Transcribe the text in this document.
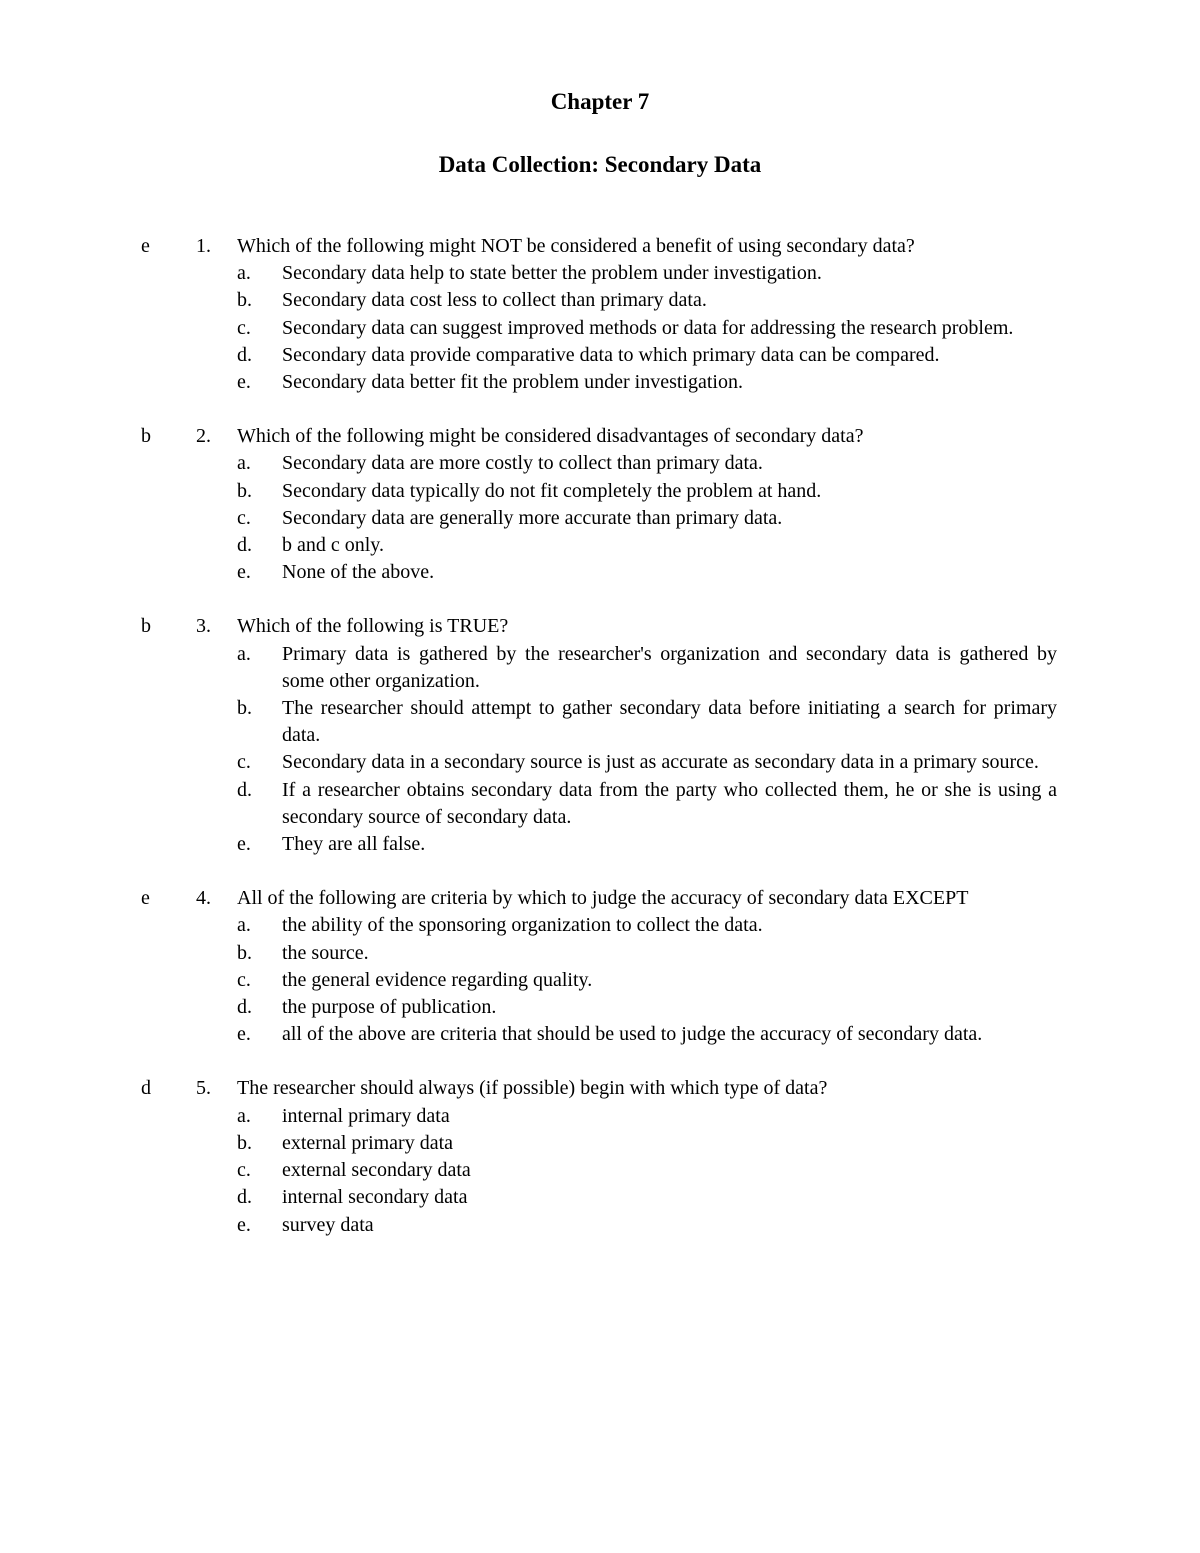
Chapter 7
Data Collection: Secondary Data
e 1. Which of the following might NOT be considered a benefit of using secondary data?
a. Secondary data help to state better the problem under investigation.
b. Secondary data cost less to collect than primary data.
c. Secondary data can suggest improved methods or data for addressing the research problem.
d. Secondary data provide comparative data to which primary data can be compared.
e. Secondary data better fit the problem under investigation.
b 2. Which of the following might be considered disadvantages of secondary data?
a. Secondary data are more costly to collect than primary data.
b. Secondary data typically do not fit completely the problem at hand.
c. Secondary data are generally more accurate than primary data.
d. b and c only.
e. None of the above.
b 3. Which of the following is TRUE?
a. Primary data is gathered by the researcher's organization and secondary data is gathered by some other organization.
b. The researcher should attempt to gather secondary data before initiating a search for primary data.
c. Secondary data in a secondary source is just as accurate as secondary data in a primary source.
d. If a researcher obtains secondary data from the party who collected them, he or she is using a secondary source of secondary data.
e. They are all false.
e 4. All of the following are criteria by which to judge the accuracy of secondary data EXCEPT
a. the ability of the sponsoring organization to collect the data.
b. the source.
c. the general evidence regarding quality.
d. the purpose of publication.
e. all of the above are criteria that should be used to judge the accuracy of secondary data.
d 5. The researcher should always (if possible) begin with which type of data?
a. internal primary data
b. external primary data
c. external secondary data
d. internal secondary data
e. survey data
